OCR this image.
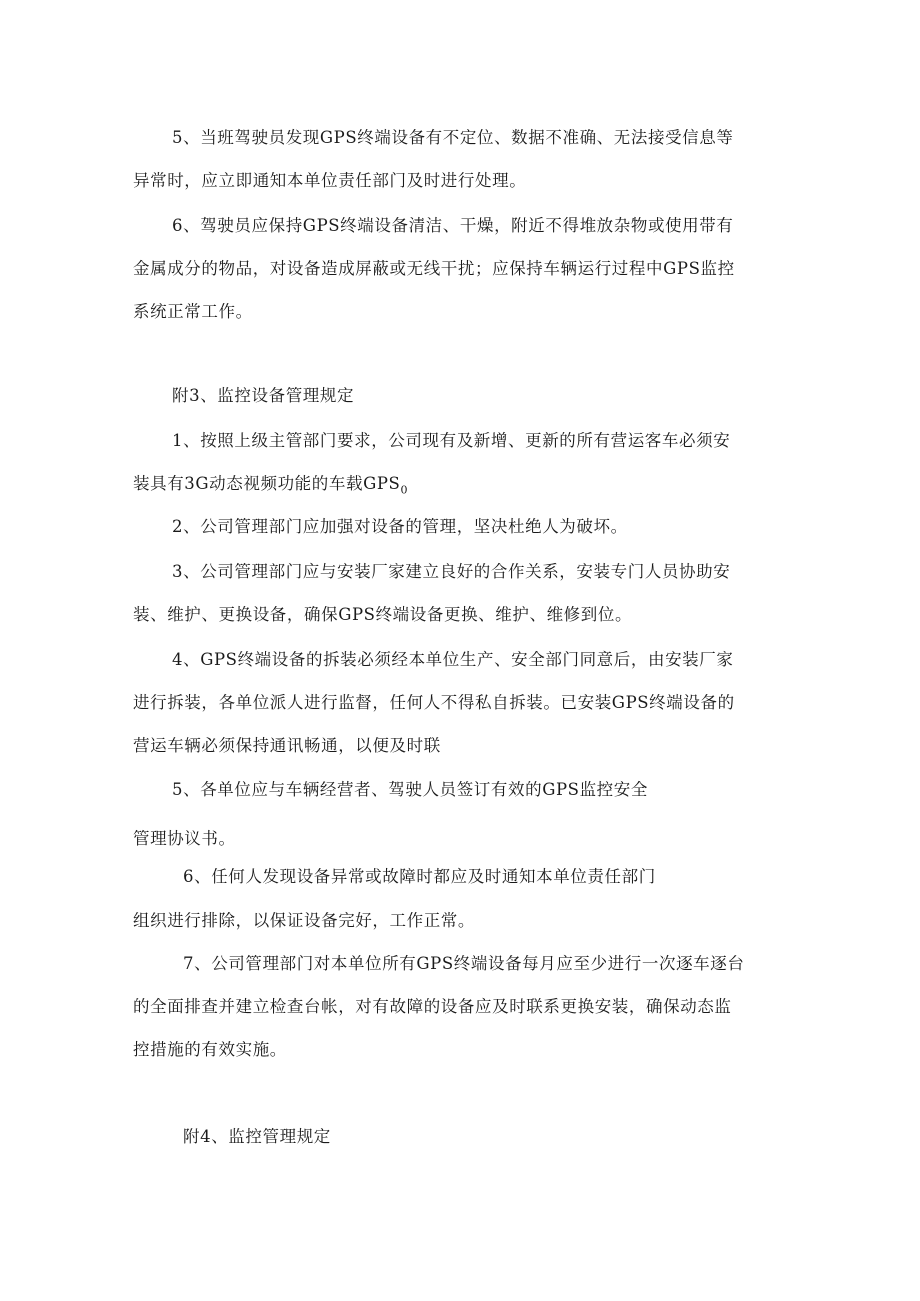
5、当班驾驶员发现GPS终端设备有不定位、数据不准确、无法接受信息等
异常时，应立即通知本单位责任部门及时进行处理。
6、驾驶员应保持GPS终端设备清洁、干燥，附近不得堆放杂物或使用带有
金属成分的物品，对设备造成屏蔽或无线干扰；应保持车辆运行过程中GPS监控
系统正常工作。
附3、监控设备管理规定
1、按照上级主管部门要求，公司现有及新增、更新的所有营运客车必须安
装具有3G动态视频功能的车载$GPS_0$
2、公司管理部门应加强对设备的管理，坚决杜绝人为破坏。
3、公司管理部门应与安装厂家建立良好的合作关系，安装专门人员协助安
装、维护、更换设备，确保GPS终端设备更换、维护、维修到位。
4、GPS终端设备的拆装必须经本单位生产、安全部门同意后，由安装厂家
进行拆装，各单位派人进行监督，任何人不得私自拆装。已安装GPS终端设备的
营运车辆必须保持通讯畅通，以便及时联
5、各单位应与车辆经营者、驾驶人员签订有效的GPS监控安全
管理协议书。
6、任何人发现设备异常或故障时都应及时通知本单位责任部门
组织进行排除，以保证设备完好，工作正常。
7、公司管理部门对本单位所有GPS终端设备每月应至少进行一次逐车逐台
的全面排查并建立检查台帐，对有故障的设备应及时联系更换安装，确保动态监
控措施的有效实施。
附4、监控管理规定
